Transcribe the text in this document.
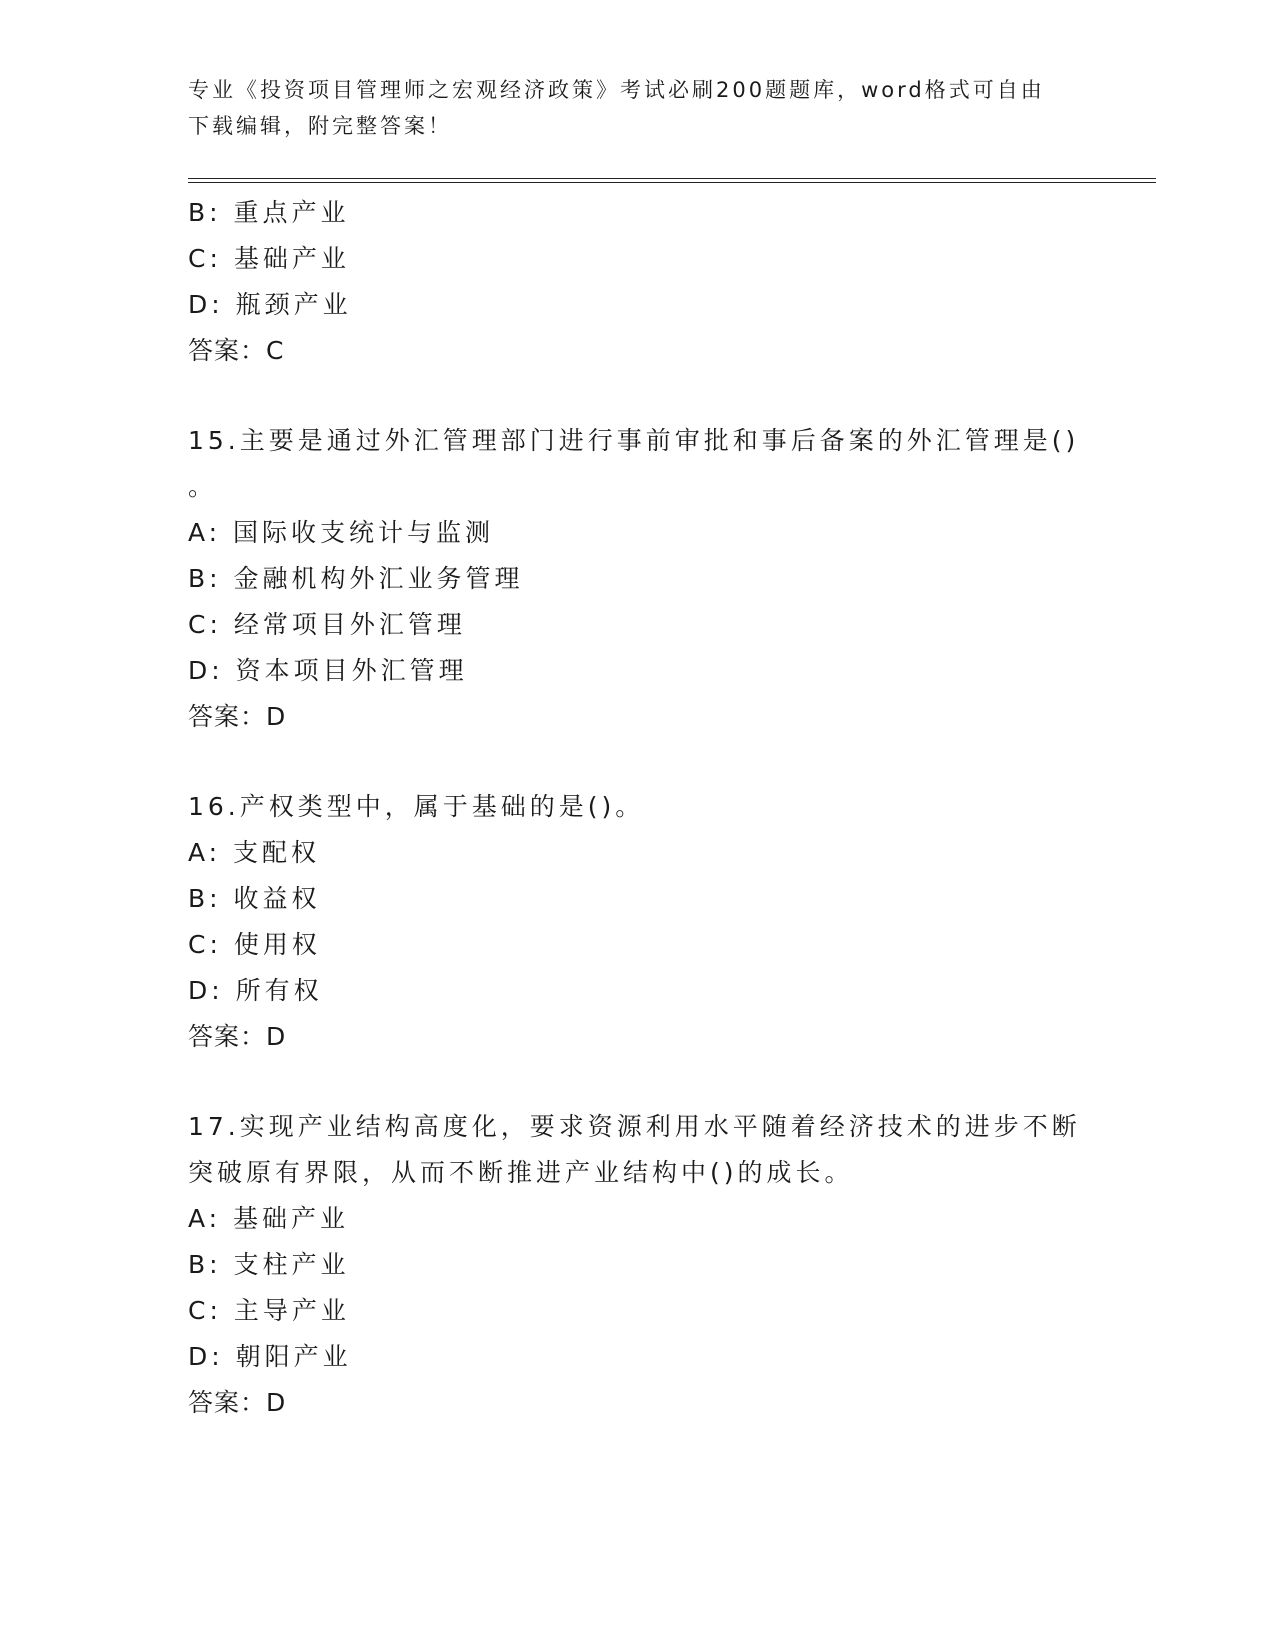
专业《投资项目管理师之宏观经济政策》考试必刷200题题库，word格式可自由下载编辑，附完整答案！
B: 重点产业
C: 基础产业
D: 瓶颈产业
答案：C
15.主要是通过外汇管理部门进行事前审批和事后备案的外汇管理是()
。
A: 国际收支统计与监测
B: 金融机构外汇业务管理
C: 经常项目外汇管理
D: 资本项目外汇管理
答案：D
16.产权类型中，属于基础的是()。
A: 支配权
B: 收益权
C: 使用权
D: 所有权
答案：D
17.实现产业结构高度化，要求资源利用水平随着经济技术的进步不断
突破原有界限，从而不断推进产业结构中()的成长。
A: 基础产业
B: 支柱产业
C: 主导产业
D: 朝阳产业
答案：D
